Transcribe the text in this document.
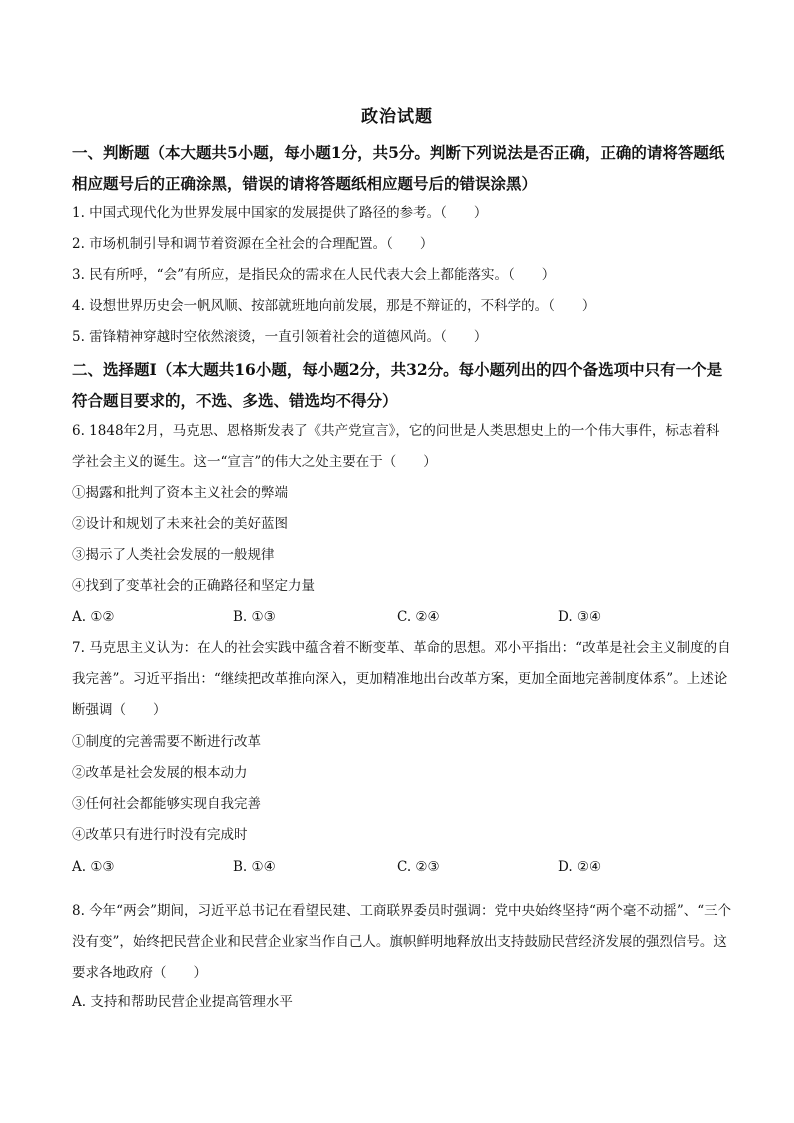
政治试题
一、判断题（本大题共5小题，每小题1分，共5分。判断下列说法是否正确，正确的请将答题纸相应题号后的正确涂黑，错误的请将答题纸相应题号后的错误涂黑）
1. 中国式现代化为世界发展中国家的发展提供了路径的参考。（　　）
2. 市场机制引导和调节着资源在全社会的合理配置。（　　）
3. 民有所呼，“会”有所应，是指民众的需求在人民代表大会上都能落实。（　　）
4. 设想世界历史会一帆风顺、按部就班地向前发展，那是不辩证的，不科学的。（　　）
5. 雷锋精神穿越时空依然滚烫，一直引领着社会的道德风尚。（　　）
二、选择题Ⅰ（本大题共16小题，每小题2分，共32分。每小题列出的四个备选项中只有一个是符合题目要求的，不选、多选、错选均不得分）
6. 1848年2月，马克思、恩格斯发表了《共产党宣言》，它的问世是人类思想史上的一个伟大事件，标志着科学社会主义的诞生。这一“宣言”的伟大之处主要在于（　　）
①揭露和批判了资本主义社会的弊端
②设计和规划了未来社会的美好蓝图
③揭示了人类社会发展的一般规律
④找到了变革社会的正确路径和坚定力量
A. ①②	B. ①③	C. ②④	D. ③④
7. 马克思主义认为：在人的社会实践中蕴含着不断变革、革命的思想。邓小平指出：“改革是社会主义制度的自我完善”。习近平指出：“继续把改革推向深入，更加精准地出台改革方案，更加全面地完善制度体系”。上述论断强调（　　）
①制度的完善需要不断进行改革
②改革是社会发展的根本动力
③任何社会都能够实现自我完善
④改革只有进行时没有完成时
A. ①③	B. ①④	C. ②③	D. ②④
8. 今年“两会”期间，习近平总书记在看望民建、工商联界委员时强调：党中央始终坚持“两个毫不动摇”、“三个没有变”，始终把民营企业和民营企业家当作自己人。旗帜鲜明地释放出支持鼓励民营经济发展的强烈信号。这要求各地政府（　　）
A. 支持和帮助民营企业提高管理水平
